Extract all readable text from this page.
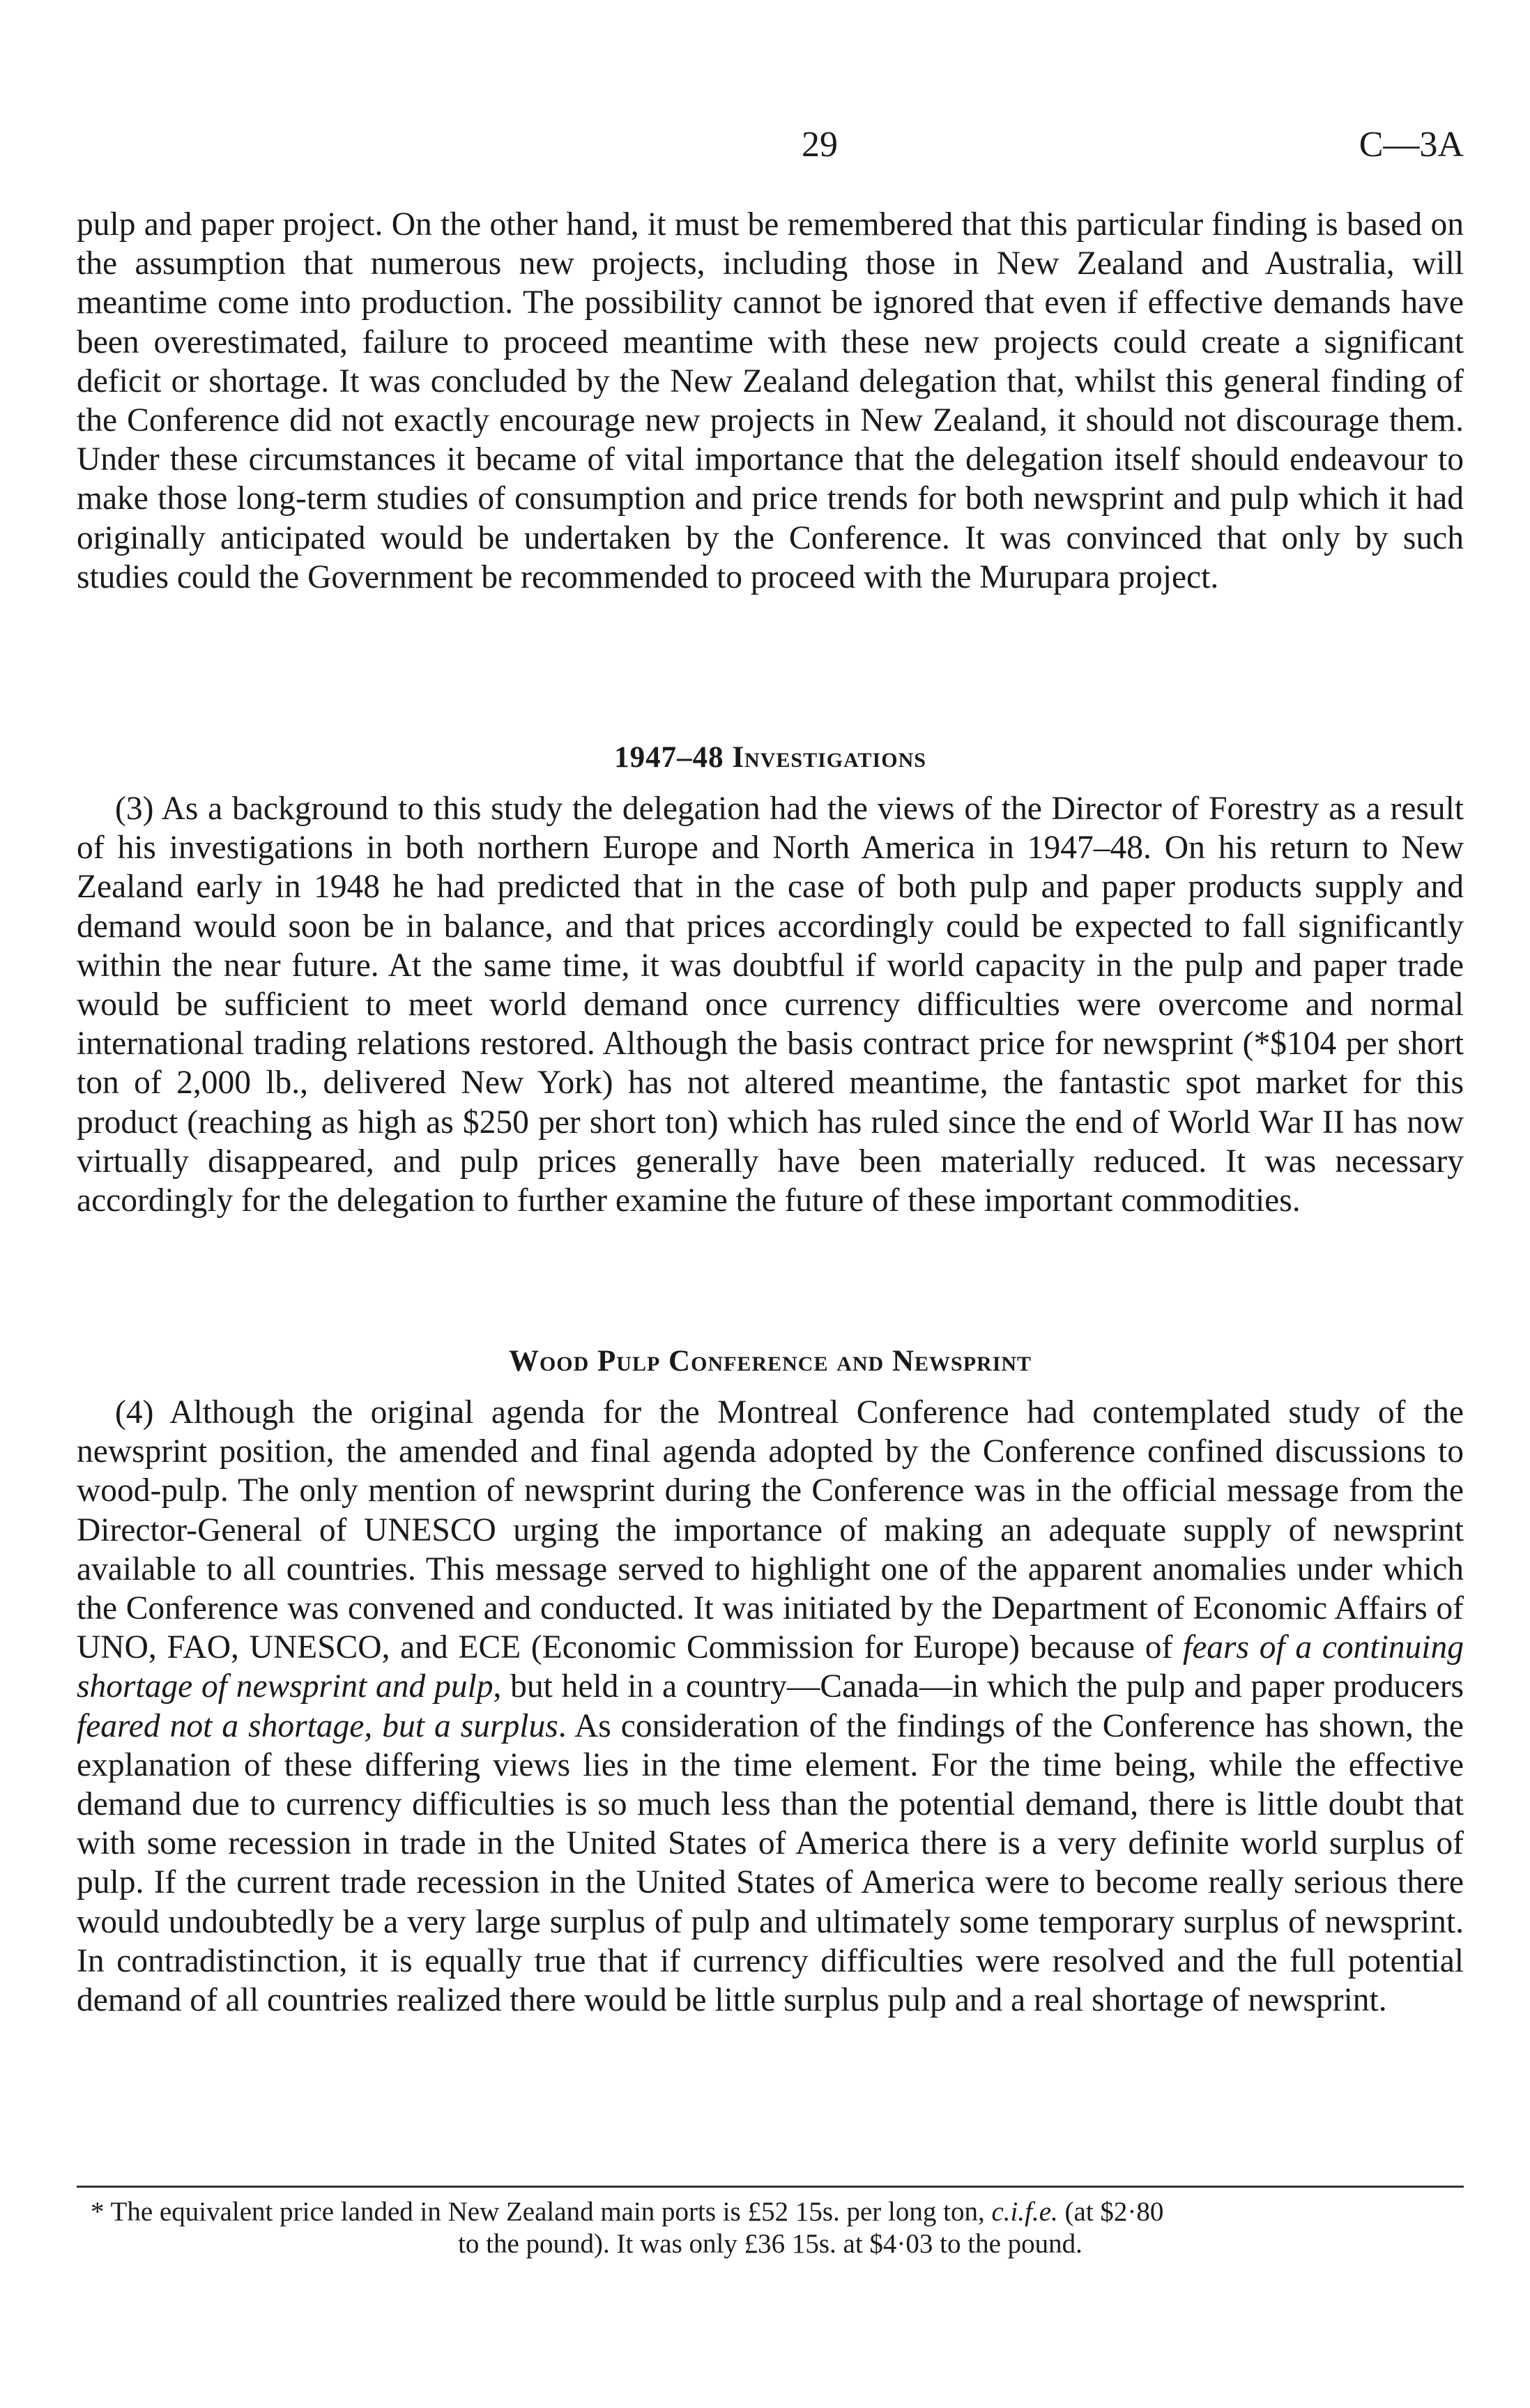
29	C—3A

pulp and paper project. On the other hand, it must be remembered that this particular finding is based on the assumption that numerous new projects, including those in New Zealand and Australia, will meantime come into production. The possibility cannot be ignored that even if effective demands have been overestimated, failure to proceed meantime with these new projects could create a significant deficit or shortage. It was concluded by the New Zealand delegation that, whilst this general finding of the Conference did not exactly encourage new projects in New Zealand, it should not discourage them. Under these circumstances it became of vital importance that the delegation itself should endeavour to make those long-term studies of consumption and price trends for both newsprint and pulp which it had originally anticipated would be undertaken by the Conference. It was convinced that only by such studies could the Government be recommended to proceed with the Murupara project.

1947–48 Investigations

(3) As a background to this study the delegation had the views of the Director of Forestry as a result of his investigations in both northern Europe and North America in 1947–48. On his return to New Zealand early in 1948 he had predicted that in the case of both pulp and paper products supply and demand would soon be in balance, and that prices accordingly could be expected to fall significantly within the near future. At the same time, it was doubtful if world capacity in the pulp and paper trade would be sufficient to meet world demand once currency difficulties were overcome and normal international trading relations restored. Although the basis contract price for newsprint (*$104 per short ton of 2,000 lb., delivered New York) has not altered meantime, the fantastic spot market for this product (reaching as high as $250 per short ton) which has ruled since the end of World War II has now virtually disappeared, and pulp prices generally have been materially reduced. It was necessary accordingly for the delegation to further examine the future of these important commodities.

Wood Pulp Conference and Newsprint

(4) Although the original agenda for the Montreal Conference had contemplated study of the newsprint position, the amended and final agenda adopted by the Conference confined discussions to wood-pulp. The only mention of newsprint during the Conference was in the official message from the Director-General of UNESCO urging the importance of making an adequate supply of newsprint available to all countries. This message served to highlight one of the apparent anomalies under which the Conference was convened and conducted. It was initiated by the Department of Economic Affairs of UNO, FAO, UNESCO, and ECE (Economic Commission for Europe) because of fears of a continuing shortage of newsprint and pulp, but held in a country—Canada—in which the pulp and paper producers feared not a shortage, but a surplus. As consideration of the findings of the Conference has shown, the explanation of these differing views lies in the time element. For the time being, while the effective demand due to currency difficulties is so much less than the potential demand, there is little doubt that with some recession in trade in the United States of America there is a very definite world surplus of pulp. If the current trade recession in the United States of America were to become really serious there would undoubtedly be a very large surplus of pulp and ultimately some temporary surplus of newsprint. In contradistinction, it is equally true that if currency difficulties were resolved and the full potential demand of all countries realized there would be little surplus pulp and a real shortage of newsprint.

* The equivalent price landed in New Zealand main ports is £52 15s. per long ton, c.i.f.e. (at $2·80
to the pound). It was only £36 15s. at $4·03 to the pound.
